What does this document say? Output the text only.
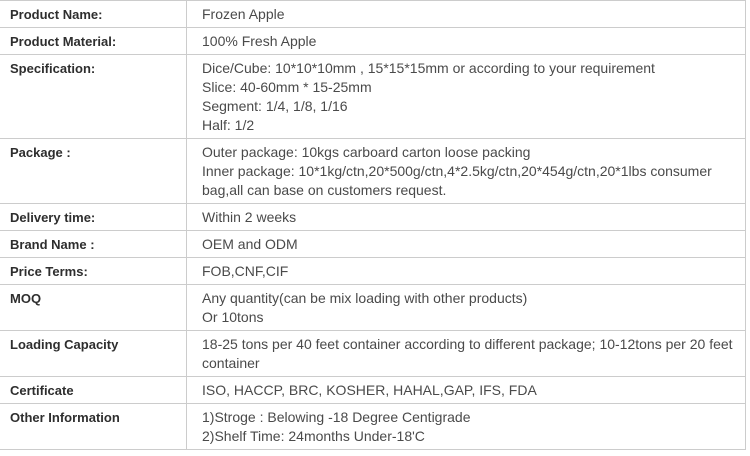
Product Name:	Frozen Apple
Product Material:	100% Fresh Apple
Specification:	Dice/Cube: 10*10*10mm , 15*15*15mm or according to your requirement
Slice: 40-60mm * 15-25mm
Segment: 1/4, 1/8, 1/16
Half: 1/2
Package :	Outer package: 10kgs carboard carton loose packing
Inner package: 10*1kg/ctn,20*500g/ctn,4*2.5kg/ctn,20*454g/ctn,20*1lbs consumer bag,all can base on customers request.
Delivery time:	Within 2 weeks
Brand Name :	OEM and ODM
Price Terms:	FOB,CNF,CIF
MOQ	Any quantity(can be mix loading with other products)
Or 10tons
Loading Capacity	18-25 tons per 40 feet container according to different package; 10-12tons per 20 feet container
Certificate	ISO, HACCP, BRC, KOSHER, HAHAL,GAP, IFS, FDA
Other Information	1)Stroge : Belowing -18 Degree Centigrade
2)Shelf Time: 24months Under-18'C
